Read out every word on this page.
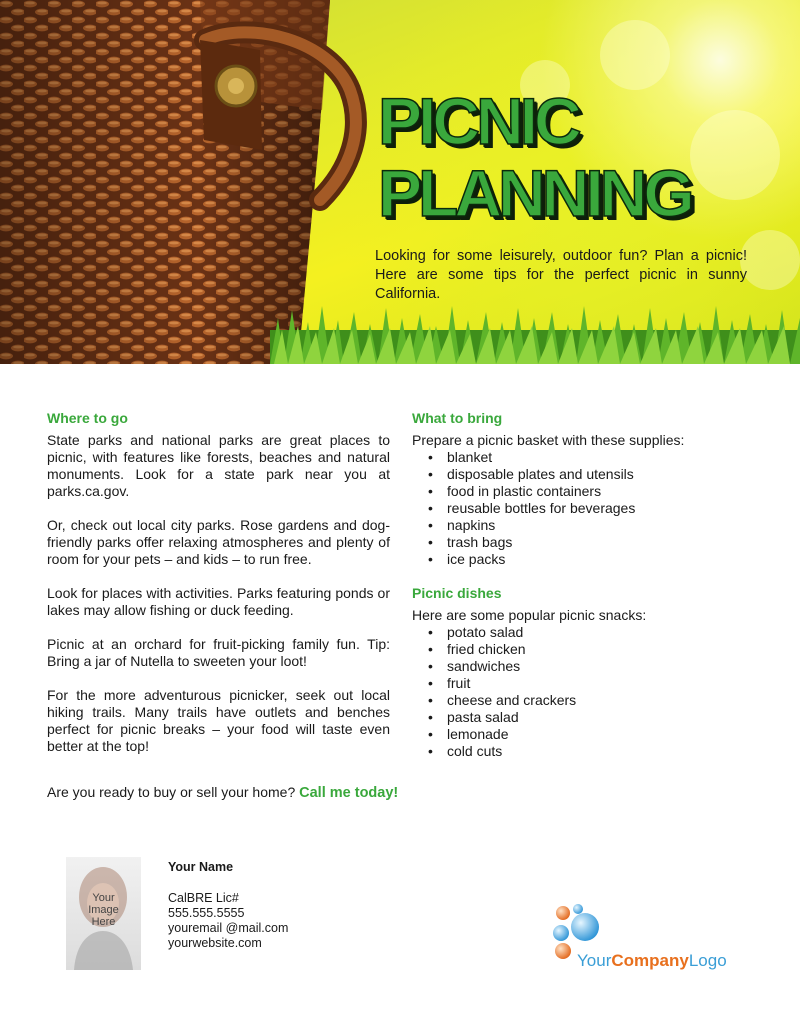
PICNIC
PLANNING

Looking for some leisurely, outdoor fun? Plan a picnic! Here are some tips for the perfect picnic in sunny California.

Where to go

State parks and national parks are great places to picnic, with features like forests, beaches and natural monuments. Look for a state park near you at parks.ca.gov.

Or, check out local city parks. Rose gardens and dog-friendly parks offer relaxing atmospheres and plenty of room for your pets – and kids – to run free.

Look for places with activities. Parks featuring ponds or lakes may allow fishing or duck feeding.

Picnic at an orchard for fruit-picking family fun. Tip: Bring a jar of Nutella to sweeten your loot!

For the more adventurous picnicker, seek out local hiking trails. Many trails have outlets and benches perfect for picnic breaks – your food will taste even better at the top!

What to bring

Prepare a picnic basket with these supplies:

• blanket
• disposable plates and utensils
• food in plastic containers
• reusable bottles for beverages
• napkins
• trash bags
• ice packs
Picnic dishes

Here are some popular picnic snacks:

• potato salad
• fried chicken
• sandwiches
• fruit
• cheese and crackers
• pasta salad
• lemonade
• cold cuts

Are you ready to buy or sell your home? Call me today!

Your
Image
Here
Your Name
CalBRE Lic#
555.555.5555
youremail @mail.com
yourwebsite.com
YourCompanyLogo
